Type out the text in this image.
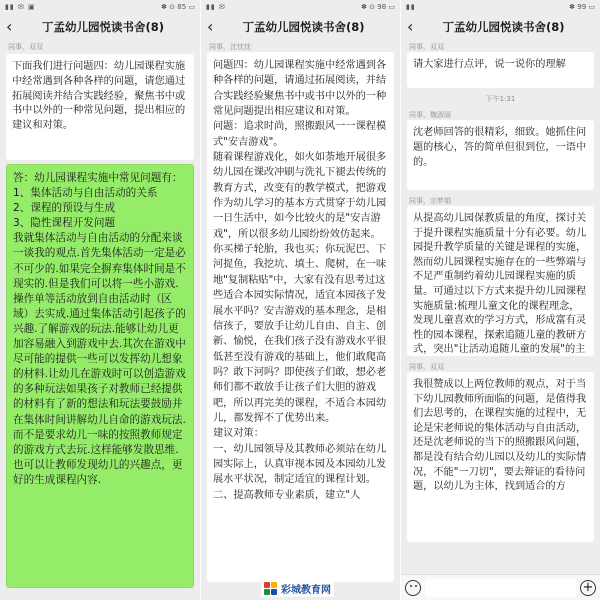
▮▮ ✉ ▣	✽ ⊙ 85 ▭
‹	丁孟幼儿园悦读书舍(8)
同事，双双
下面我们进行问题四：幼儿园课程实施中经常遇到各种各样的问题，请您通过拓展阅读并结合实践经验，聚焦书中或书中以外的一种常见问题，提出相应的建议和对策。
答：幼儿园课程实施中常见问题有：
1、集体活动与自由活动的关系
2、课程的预设与生成
3、隐性课程开发问题
我就集体活动与自由活动的分配来谈一谈我的观点.首先集体活动一定是必不可少的.如果完全摒弃集体时间是不现实的.但是我们可以将一些小游戏.操作单等活动放到自由活动时（区域）去实成.通过集体活动引起孩子的兴趣.了解游戏的玩法.能够让幼儿更加容易融入到游戏中去.其次在游戏中尽可能的提供一些可以发挥幼儿想象的材料.让幼儿在游戏时可以创造游戏的多种玩法如果孩子对教师已经提供的材料有了新的想法和玩法要鼓励并在集体时间讲解幼儿自命的游戏玩法.而不是要求幼儿一味的按照教师规定的游戏方式去玩.这样能够发散思维.也可以让教师发现幼儿的兴趣点，更好的生成课程内容.
▮▮ ✉	✽ ⊙ 98 ▭
‹	丁孟幼儿园悦读书舍(8)
同事，沈忱忱
问题四：幼儿园课程实施中经常遇到各种各样的问题，请通过拓展阅读，并结合实践经验聚焦书中或书中以外的一种常见问题提出相应建议和对策。
问题：追求时尚，照搬跟风一一课程模式"安吉游戏"。
随着课程游戏化，如火如荼地开展很多幼儿园在课改冲刷与洗礼下褪去传统的教育方式，改变有的教学模式，把游戏作为幼儿学习的基本方式贯穿于幼儿园一日生活中，如今比较火的是"安吉游戏"，所以很多幼儿园纷纷效仿起来。你买梯子轮胎，我也买；你玩泥巴、下河捉鱼，我挖坑、填土、爬树，在一味地"复制粘贴"中，大家有没有思考过这些适合本园实际情况，适宜本园孩子发展水平吗？安吉游戏的基本理念，是相信孩子，要放手让幼儿自由、自主、创新、愉悦，在我们孩子没有游戏水平很低甚至没有游戏的基础上，他们敢爬高吗？敢下河吗？即使孩子们敢，想必老师们都不敢放手让孩子们大胆的游戏吧，所以再完美的课程，不适合本园幼儿，都发挥不了优势出来。
建议对策：
一、幼儿园领导及其教师必须站在幼儿园实际上，认真审视本园及本园幼儿发展水平状况，制定适宜的课程计划。
二、提高教师专业素质，建立"人
彩城教育网
▮▮	✽ 99 ▭
‹	丁孟幼儿园悦读书舍(8)
同事，双双
请大家进行点评，说一说你的理解
下午1:31
同事，魏淑丽
沈老师回答的很精彩，细致。她抓住问题的核心，答的简单但很到位，一语中的。
同事，宗梦娟
从提高幼儿园保教质量的角度，探讨关于提升课程实施质量十分有必要。幼儿园提升教学质量的关键是课程的实施，然而幼儿园课程实施存在的一些弊端与不足严重制约着幼儿园课程实施的质量。可通过以下方式来提升幼儿园课程实施质量:梳理儿童文化的课程理念，发现儿童喜欢的学习方式，形成富有灵性的园本课程，探索追随儿童的教研方式，突出"让活动追随儿童的发展"的主
同事，双双
我很赞成以上两位教师的观点，对于当下幼儿园教师所面临的问题，是值得我们去思考的，在课程实施的过程中，无论是宋老师说的集体活动与自由活动，还是沈老师说的当下的照搬跟风问题，都是没有结合幼儿园以及幼儿的实际情况，不能"一刀切"，要去辩证的看待问题，以幼儿为主体，找到适合的方
+
